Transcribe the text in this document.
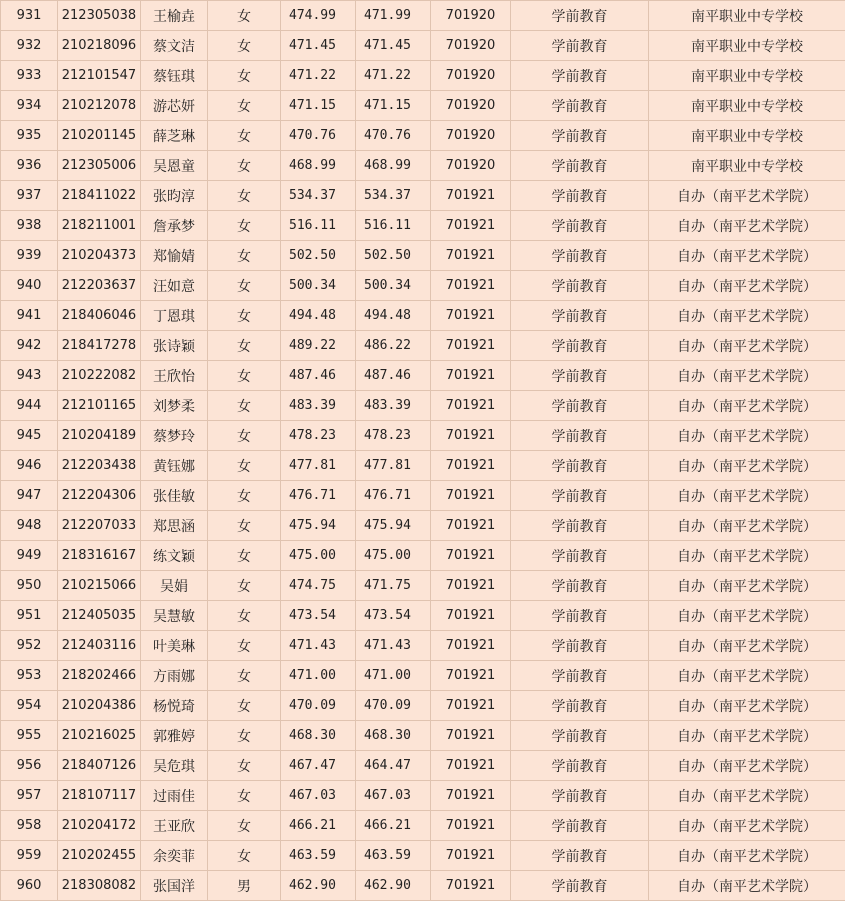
931	212305038	王榆垚	女	474.99	471.99	701920	学前教育	南平职业中专学校
932	210218096	蔡文洁	女	471.45	471.45	701920	学前教育	南平职业中专学校
933	212101547	蔡钰琪	女	471.22	471.22	701920	学前教育	南平职业中专学校
934	210212078	游芯妍	女	471.15	471.15	701920	学前教育	南平职业中专学校
935	210201145	薛芝琳	女	470.76	470.76	701920	学前教育	南平职业中专学校
936	212305006	吴恩童	女	468.99	468.99	701920	学前教育	南平职业中专学校
937	218411022	张昀淳	女	534.37	534.37	701921	学前教育	自办（南平艺术学院）
938	218211001	詹承梦	女	516.11	516.11	701921	学前教育	自办（南平艺术学院）
939	210204373	郑愉婧	女	502.50	502.50	701921	学前教育	自办（南平艺术学院）
940	212203637	汪如意	女	500.34	500.34	701921	学前教育	自办（南平艺术学院）
941	218406046	丁恩琪	女	494.48	494.48	701921	学前教育	自办（南平艺术学院）
942	218417278	张诗颖	女	489.22	486.22	701921	学前教育	自办（南平艺术学院）
943	210222082	王欣怡	女	487.46	487.46	701921	学前教育	自办（南平艺术学院）
944	212101165	刘梦柔	女	483.39	483.39	701921	学前教育	自办（南平艺术学院）
945	210204189	蔡梦玲	女	478.23	478.23	701921	学前教育	自办（南平艺术学院）
946	212203438	黄钰娜	女	477.81	477.81	701921	学前教育	自办（南平艺术学院）
947	212204306	张佳敏	女	476.71	476.71	701921	学前教育	自办（南平艺术学院）
948	212207033	郑思涵	女	475.94	475.94	701921	学前教育	自办（南平艺术学院）
949	218316167	练文颖	女	475.00	475.00	701921	学前教育	自办（南平艺术学院）
950	210215066	吴娟	女	474.75	471.75	701921	学前教育	自办（南平艺术学院）
951	212405035	吴慧敏	女	473.54	473.54	701921	学前教育	自办（南平艺术学院）
952	212403116	叶美琳	女	471.43	471.43	701921	学前教育	自办（南平艺术学院）
953	218202466	方雨娜	女	471.00	471.00	701921	学前教育	自办（南平艺术学院）
954	210204386	杨悦琦	女	470.09	470.09	701921	学前教育	自办（南平艺术学院）
955	210216025	郭雅婷	女	468.30	468.30	701921	学前教育	自办（南平艺术学院）
956	218407126	吴危琪	女	467.47	464.47	701921	学前教育	自办（南平艺术学院）
957	218107117	过雨佳	女	467.03	467.03	701921	学前教育	自办（南平艺术学院）
958	210204172	王亚欣	女	466.21	466.21	701921	学前教育	自办（南平艺术学院）
959	210202455	余奕菲	女	463.59	463.59	701921	学前教育	自办（南平艺术学院）
960	218308082	张国洋	男	462.90	462.90	701921	学前教育	自办（南平艺术学院）
